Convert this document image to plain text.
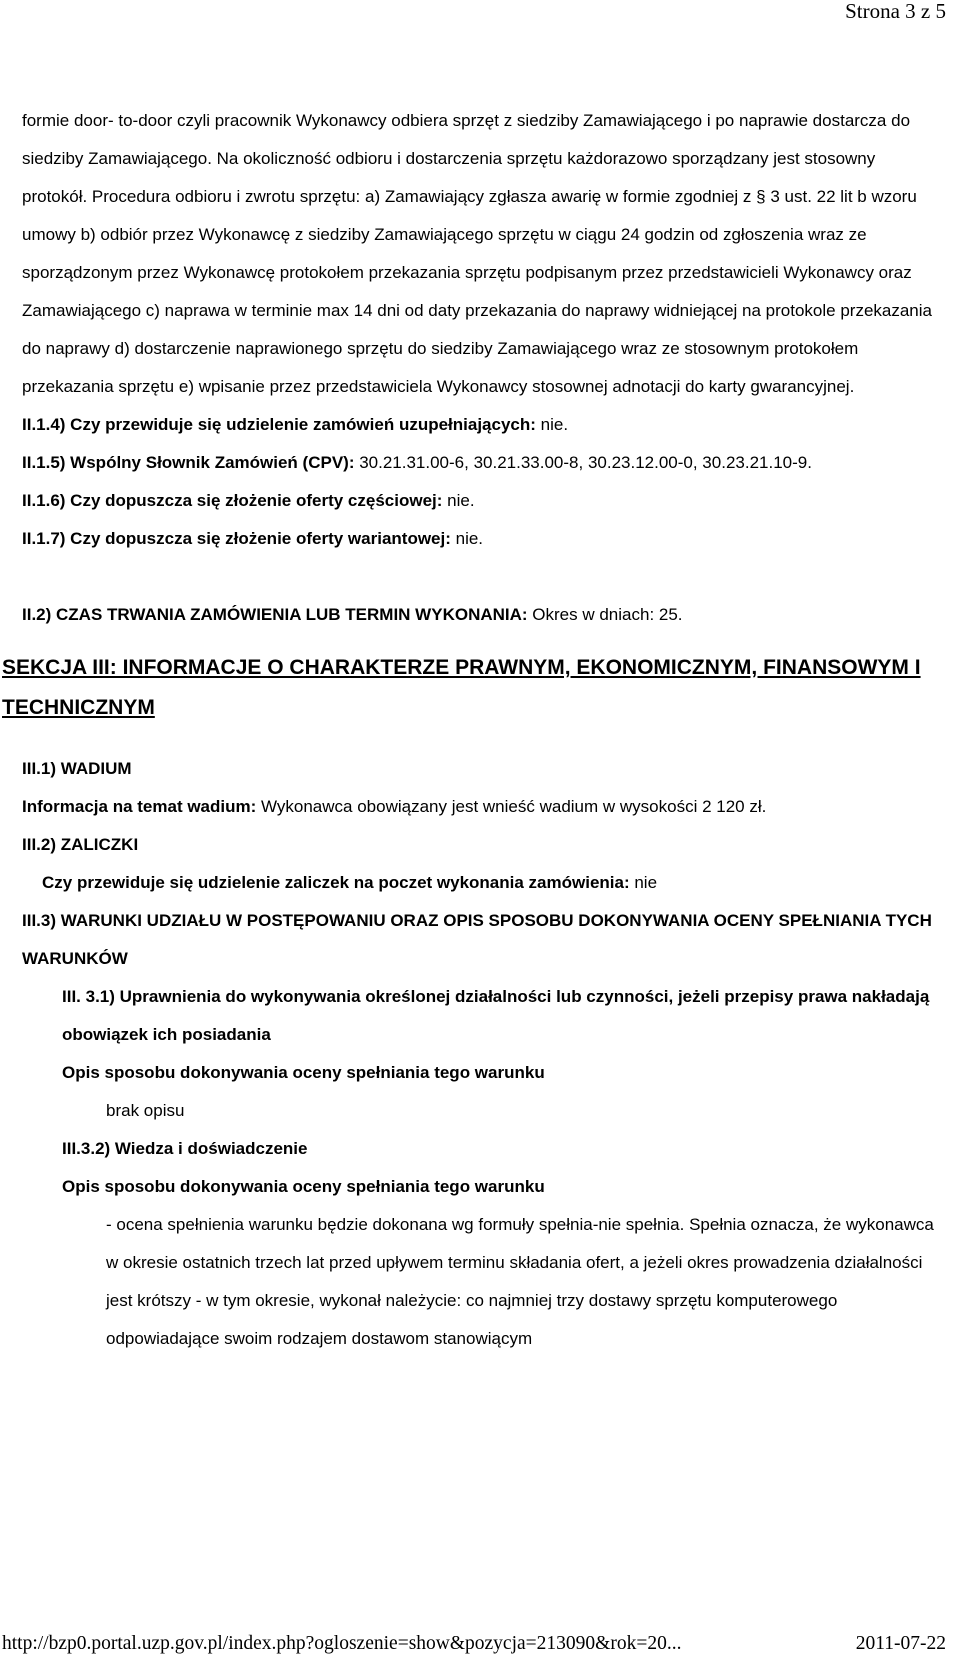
Strona 3 z 5

formie door- to-door czyli pracownik Wykonawcy odbiera sprzęt z siedziby Zamawiającego i po naprawie dostarcza do siedziby Zamawiającego. Na okoliczność odbioru i dostarczenia sprzętu każdorazowo sporządzany jest stosowny protokół. Procedura odbioru i zwrotu sprzętu: a) Zamawiający zgłasza awarię w formie zgodniej z § 3 ust. 22 lit b wzoru umowy b) odbiór przez Wykonawcę z siedziby Zamawiającego sprzętu w ciągu 24 godzin od zgłoszenia wraz ze sporządzonym przez Wykonawcę protokołem przekazania sprzętu podpisanym przez przedstawicieli Wykonawcy oraz Zamawiającego c) naprawa w terminie max 14 dni od daty przekazania do naprawy widniejącej na protokole przekazania do naprawy d) dostarczenie naprawionego sprzętu do siedziby Zamawiającego wraz ze stosownym protokołem przekazania sprzętu e) wpisanie przez przedstawiciela Wykonawcy stosownej adnotacji do karty gwarancyjnej.

II.1.4) Czy przewiduje się udzielenie zamówień uzupełniających: nie.

II.1.5) Wspólny Słownik Zamówień (CPV): 30.21.31.00-6, 30.21.33.00-8, 30.23.12.00-0, 30.23.21.10-9.

II.1.6) Czy dopuszcza się złożenie oferty częściowej: nie.

II.1.7) Czy dopuszcza się złożenie oferty wariantowej: nie.

II.2) CZAS TRWANIA ZAMÓWIENIA LUB TERMIN WYKONANIA: Okres w dniach: 25.

SEKCJA III: INFORMACJE O CHARAKTERZE PRAWNYM, EKONOMICZNYM, FINANSOWYM I TECHNICZNYM

III.1) WADIUM

Informacja na temat wadium: Wykonawca obowiązany jest wnieść wadium w wysokości 2 120 zł.

III.2) ZALICZKI

Czy przewiduje się udzielenie zaliczek na poczet wykonania zamówienia: nie

III.3) WARUNKI UDZIAŁU W POSTĘPOWANIU ORAZ OPIS SPOSOBU DOKONYWANIA OCENY SPEŁNIANIA TYCH WARUNKÓW

III. 3.1) Uprawnienia do wykonywania określonej działalności lub czynności, jeżeli przepisy prawa nakładają obowiązek ich posiadania

Opis sposobu dokonywania oceny spełniania tego warunku

brak opisu

III.3.2) Wiedza i doświadczenie

Opis sposobu dokonywania oceny spełniania tego warunku

- ocena spełnienia warunku będzie dokonana wg formuły spełnia-nie spełnia. Spełnia oznacza, że wykonawca w okresie ostatnich trzech lat przed upływem terminu składania ofert, a jeżeli okres prowadzenia działalności jest krótszy - w tym okresie, wykonał należycie: co najmniej trzy dostawy sprzętu komputerowego odpowiadające swoim rodzajem dostawom stanowiącym

http://bzp0.portal.uzp.gov.pl/index.php?ogloszenie=show&pozycja=213090&rok=20...	2011-07-22
